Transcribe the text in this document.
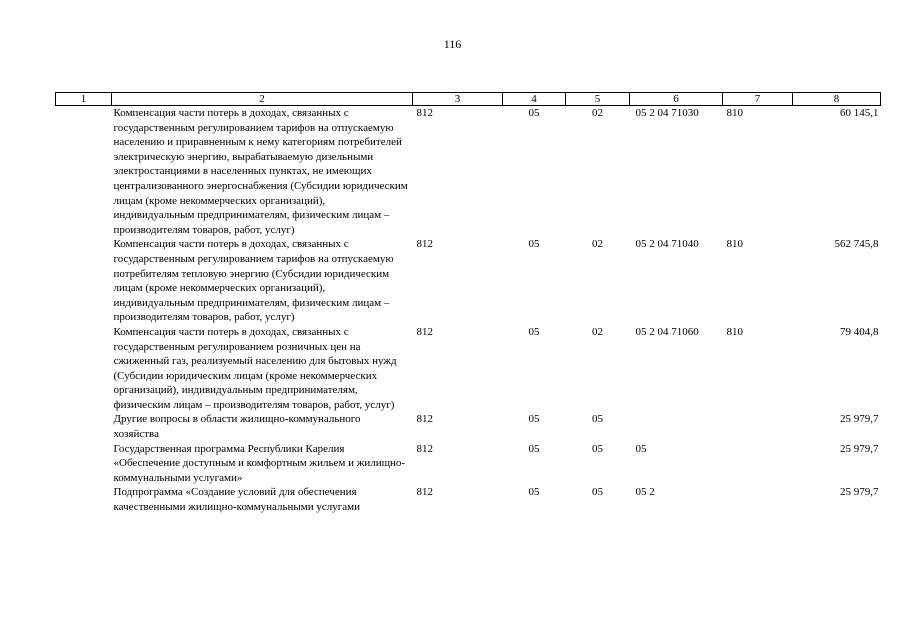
116
1	2	3	4	5	6	7	8
	Компенсация части потерь в доходах, связанных с государственным регулированием тарифов на отпускаемую населению и приравненным к нему категориям потребителей электрическую энергию, вырабатываемую дизельными электростанциями в населенных пунктах, не имеющих централизованного энергоснабжения (Субсидии юридическим лицам (кроме некоммерческих организаций), индивидуальным предпринимателям, физическим лицам – производителям товаров, работ, услуг)	812	05	02	05 2 04 71030	810	60 145,1
	Компенсация части потерь в доходах, связанных с государственным регулированием тарифов на отпускаемую потребителям тепловую энергию (Субсидии юридическим лицам (кроме некоммерческих организаций), индивидуальным предпринимателям, физическим лицам – производителям товаров, работ, услуг)	812	05	02	05 2 04 71040	810	562 745,8
	Компенсация части потерь в доходах, связанных с государственным регулированием розничных цен на сжиженный газ, реализуемый населению для бытовых нужд (Субсидии юридическим лицам (кроме некоммерческих организаций), индивидуальным предпринимателям, физическим лицам – производителям товаров, работ, услуг)	812	05	02	05 2 04 71060	810	79 404,8
	Другие вопросы в области жилищно-коммунального хозяйства	812	05	05			25 979,7
	Государственная программа Республики Карелия «Обеспечение доступным и комфортным жильем и жилищно-коммунальными услугами»	812	05	05	05		25 979,7
	Подпрограмма «Создание условий для обеспечения качественными жилищно-коммунальными услугами	812	05	05	05 2		25 979,7
